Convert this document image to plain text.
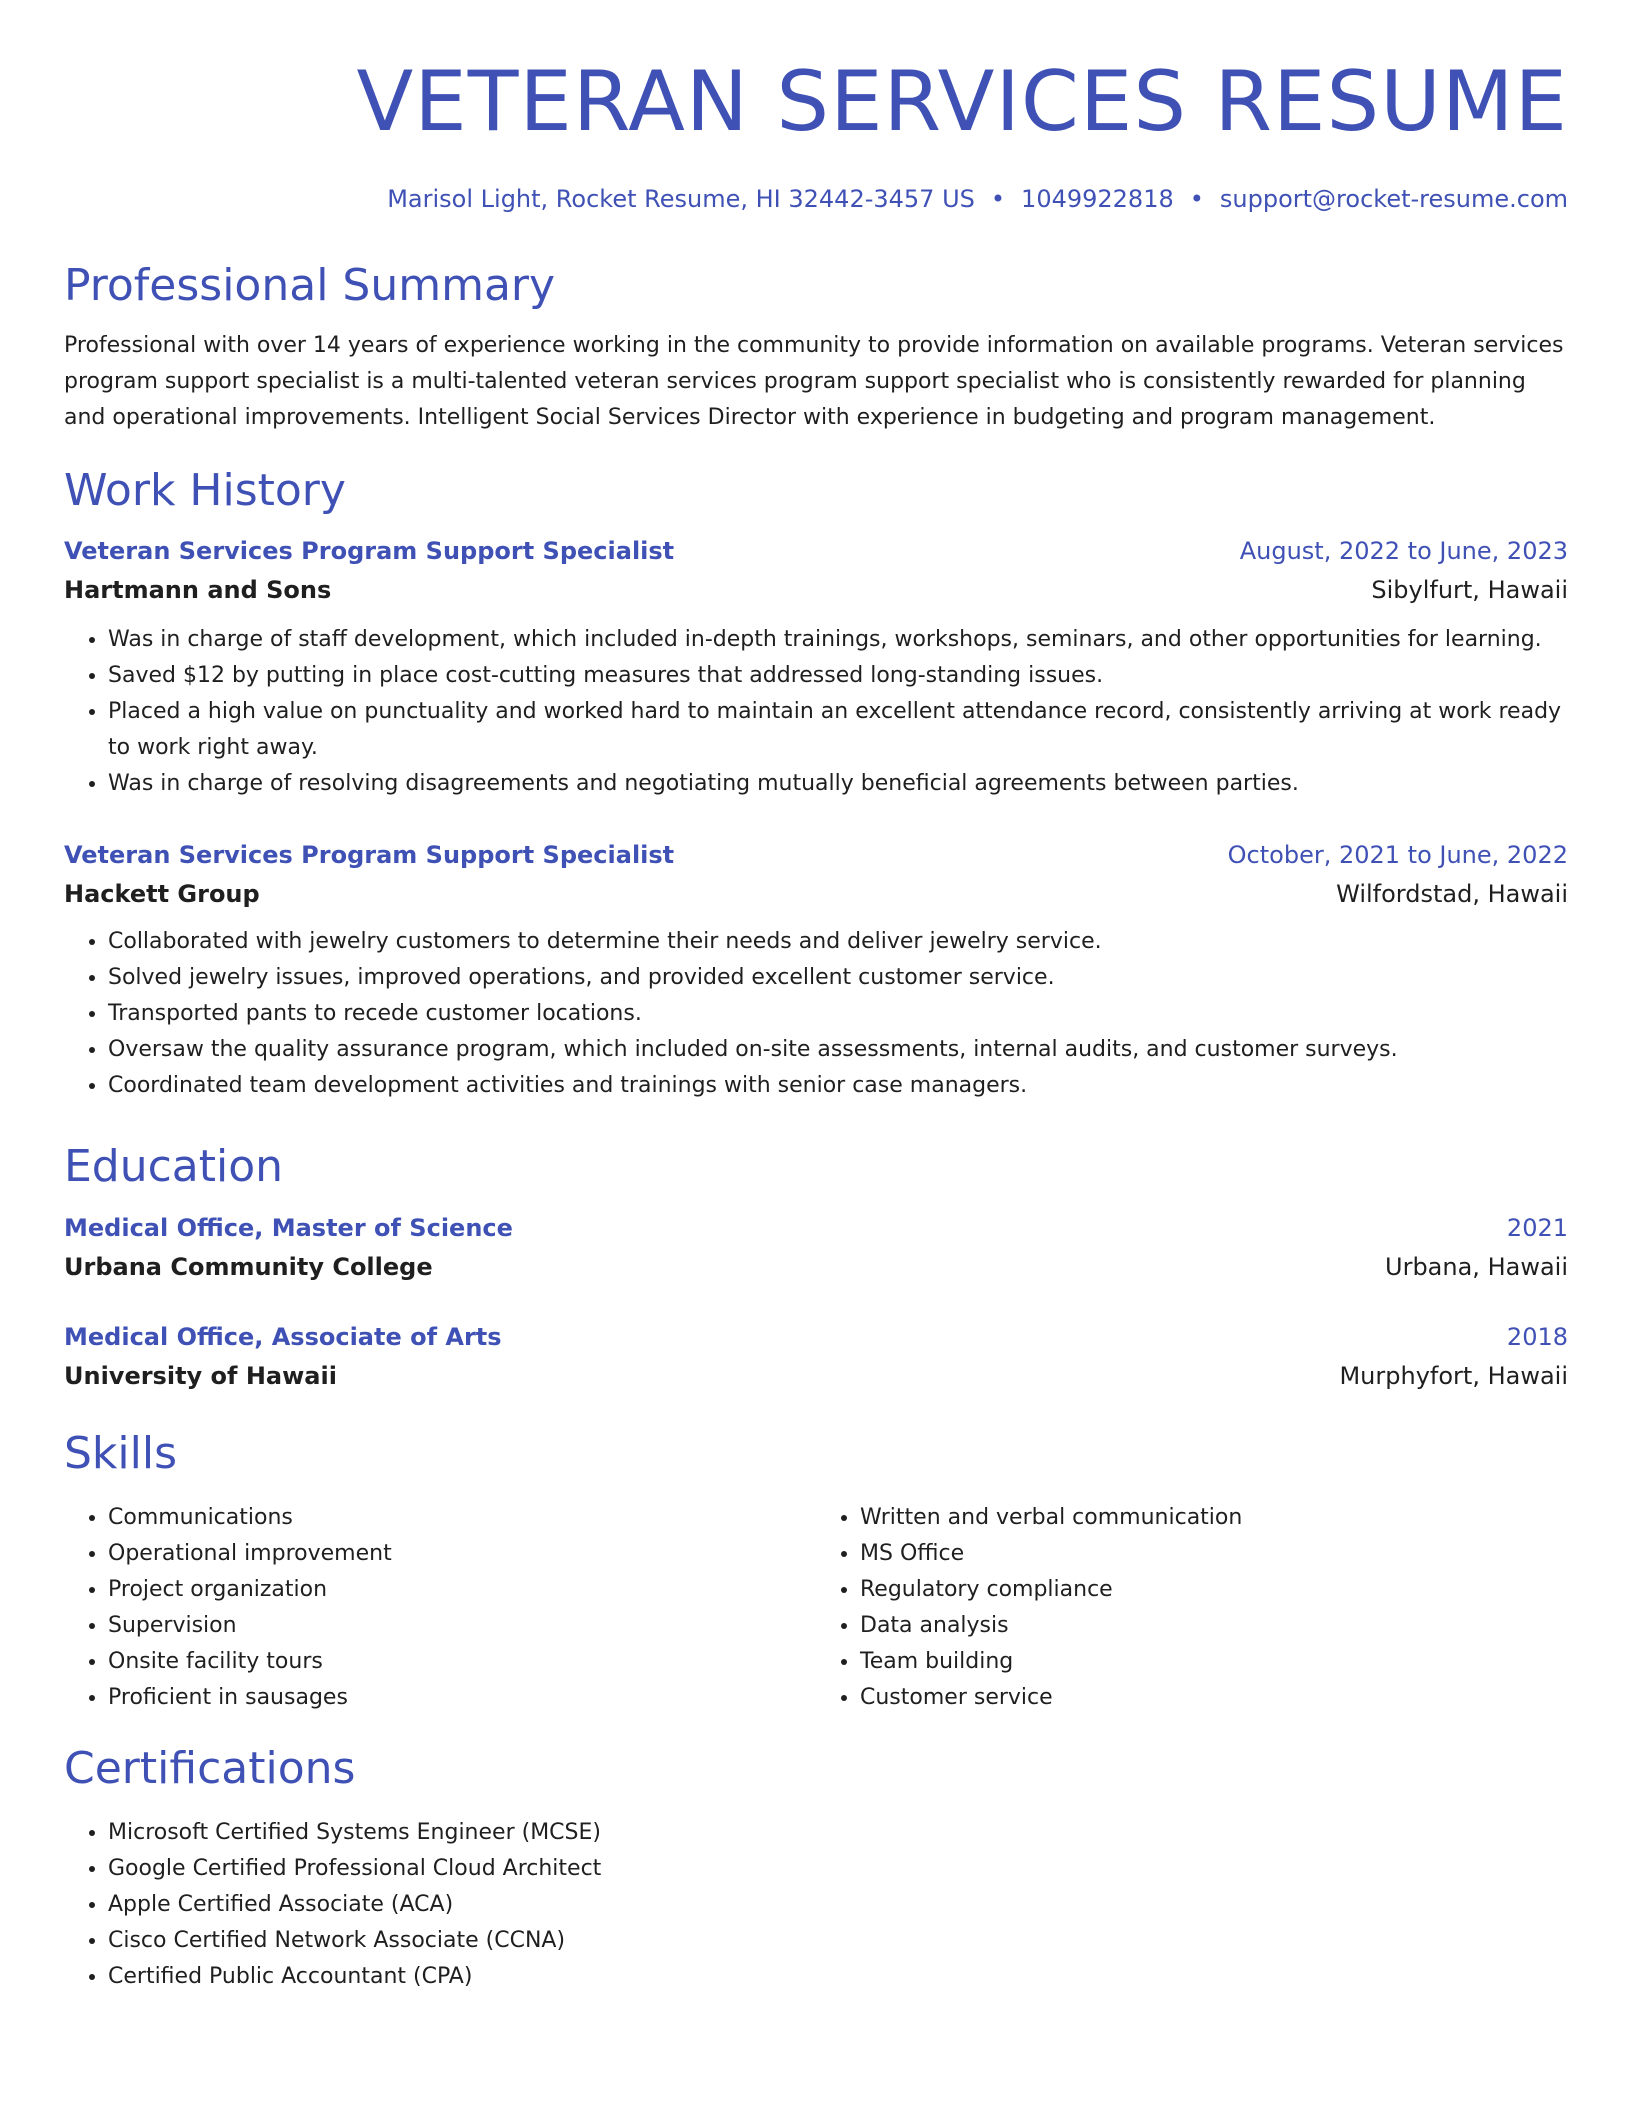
VETERAN SERVICES RESUME
Marisol Light, Rocket Resume, HI 32442-3457 US • 1049922818 • support@rocket-resume.com
Professional Summary

Professional with over 14 years of experience working in the community to provide information on available programs. Veteran services program support specialist is a multi-talented veteran services program support specialist who is consistently rewarded for planning and operational improvements. Intelligent Social Services Director with experience in budgeting and program management.

Work History
Veteran Services Program Support Specialist	August, 2022 to June, 2023
Hartmann and Sons	Sibylfurt, Hawaii
• Was in charge of staff development, which included in-depth trainings, workshops, seminars, and other opportunities for learning.
• Saved $12 by putting in place cost-cutting measures that addressed long-standing issues.
• Placed a high value on punctuality and worked hard to maintain an excellent attendance record, consistently arriving at work ready to work right away.
• Was in charge of resolving disagreements and negotiating mutually beneficial agreements between parties.
Veteran Services Program Support Specialist	October, 2021 to June, 2022
Hackett Group	Wilfordstad, Hawaii
• Collaborated with jewelry customers to determine their needs and deliver jewelry service.
• Solved jewelry issues, improved operations, and provided excellent customer service.
• Transported pants to recede customer locations.
• Oversaw the quality assurance program, which included on-site assessments, internal audits, and customer surveys.
• Coordinated team development activities and trainings with senior case managers.
Education
Medical Office, Master of Science	2021
Urbana Community College	Urbana, Hawaii
Medical Office, Associate of Arts	2018
University of Hawaii	Murphyfort, Hawaii
Skills
• Communications
• Operational improvement
• Project organization
• Supervision
• Onsite facility tours
• Proficient in sausages
• Written and verbal communication
• MS Office
• Regulatory compliance
• Data analysis
• Team building
• Customer service
Certifications
• Microsoft Certified Systems Engineer (MCSE)
• Google Certified Professional Cloud Architect
• Apple Certified Associate (ACA)
• Cisco Certified Network Associate (CCNA)
• Certified Public Accountant (CPA)
